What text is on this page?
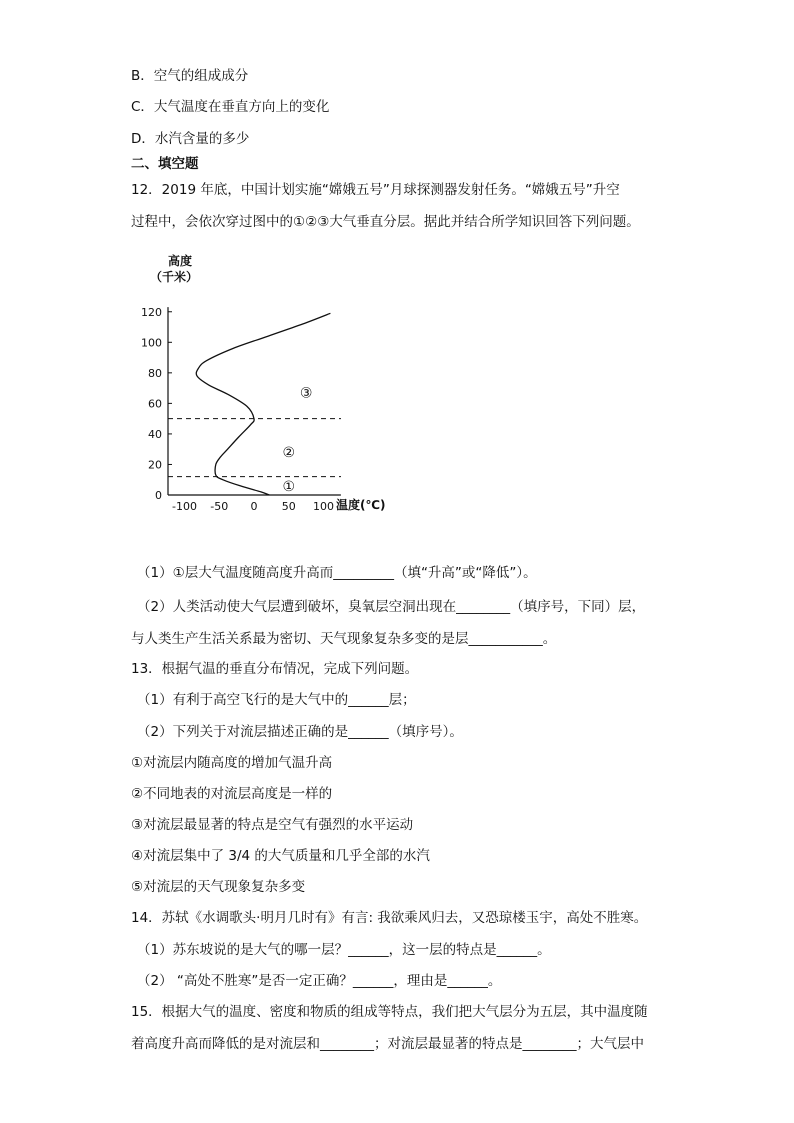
B．空气的组成成分
C．大气温度在垂直方向上的变化
D．水汽含量的多少
二、填空题
12．2019 年底，中国计划实施“嫦娥五号”月球探测器发射任务。“嫦娥五号”升空
过程中，会依次穿过图中的①②③大气垂直分层。据此并结合所学知识回答下列问题。
0
20
40
60
80
100
120
-100 -50 0 50 100
①
②
③
高度
（千米）
温度(℃)
（1）①层大气温度随高度升高而_________（填“升高”或“降低”）。
（2）人类活动使大气层遭到破坏，臭氧层空洞出现在________（填序号，下同）层，
与人类生产生活关系最为密切、天气现象复杂多变的是层___________。
13．根据气温的垂直分布情况，完成下列问题。
（1）有利于高空飞行的是大气中的______层；
（2）下列关于对流层描述正确的是______（填序号）。
①对流层内随高度的增加气温升高
②不同地表的对流层高度是一样的
③对流层最显著的特点是空气有强烈的水平运动
④对流层集中了 3/4 的大气质量和几乎全部的水汽
⑤对流层的天气现象复杂多变
14．苏轼《水调歌头·明月几时有》有言: 我欲乘风归去，又恐琼楼玉宇，高处不胜寒。
（1）苏东坡说的是大气的哪一层？______，这一层的特点是______。
（2） “高处不胜寒”是否一定正确？______，理由是______。
15．根据大气的温度、密度和物质的组成等特点，我们把大气层分为五层，其中温度随
着高度升高而降低的是对流层和________；对流层最显著的特点是________；大气层中
